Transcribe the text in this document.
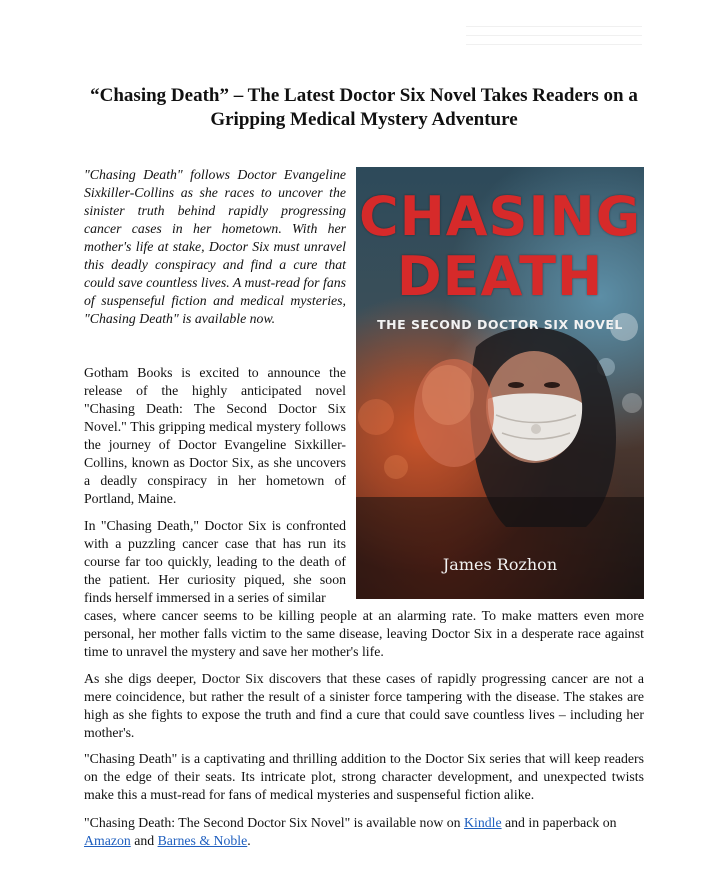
“Chasing Death” – The Latest Doctor Six Novel Takes Readers on a
Gripping Medical Mystery Adventure

"Chasing Death" follows Doctor Evangeline Sixkiller-Collins as she races to uncover the sinister truth behind rapidly progressing cancer cases in her hometown. With her mother's life at stake, Doctor Six must unravel this deadly conspiracy and find a cure that could save countless lives. A must-read for fans of suspenseful fiction and medical mysteries, "Chasing Death" is available now.

CHASING
DEATH
THE SECOND DOCTOR SIX NOVEL
James Rozhon

Gotham Books is excited to announce the release of the highly anticipated novel "Chasing Death: The Second Doctor Six Novel." This gripping medical mystery follows the journey of Doctor Evangeline Sixkiller-Collins, known as Doctor Six, as she uncovers a deadly conspiracy in her hometown of Portland, Maine.

In "Chasing Death," Doctor Six is confronted with a puzzling cancer case that has run its course far too quickly, leading to the death of the patient. Her curiosity piqued, she soon finds herself immersed in a series of similar

cases, where cancer seems to be killing people at an alarming rate. To make matters even more personal, her mother falls victim to the same disease, leaving Doctor Six in a desperate race against time to unravel the mystery and save her mother's life.

As she digs deeper, Doctor Six discovers that these cases of rapidly progressing cancer are not a mere coincidence, but rather the result of a sinister force tampering with the disease. The stakes are high as she fights to expose the truth and find a cure that could save countless lives – including her mother's.

"Chasing Death" is a captivating and thrilling addition to the Doctor Six series that will keep readers on the edge of their seats. Its intricate plot, strong character development, and unexpected twists make this a must-read for fans of medical mysteries and suspenseful fiction alike.

"Chasing Death: The Second Doctor Six Novel" is available now on Kindle and in paperback on
Amazon and Barnes & Noble.
